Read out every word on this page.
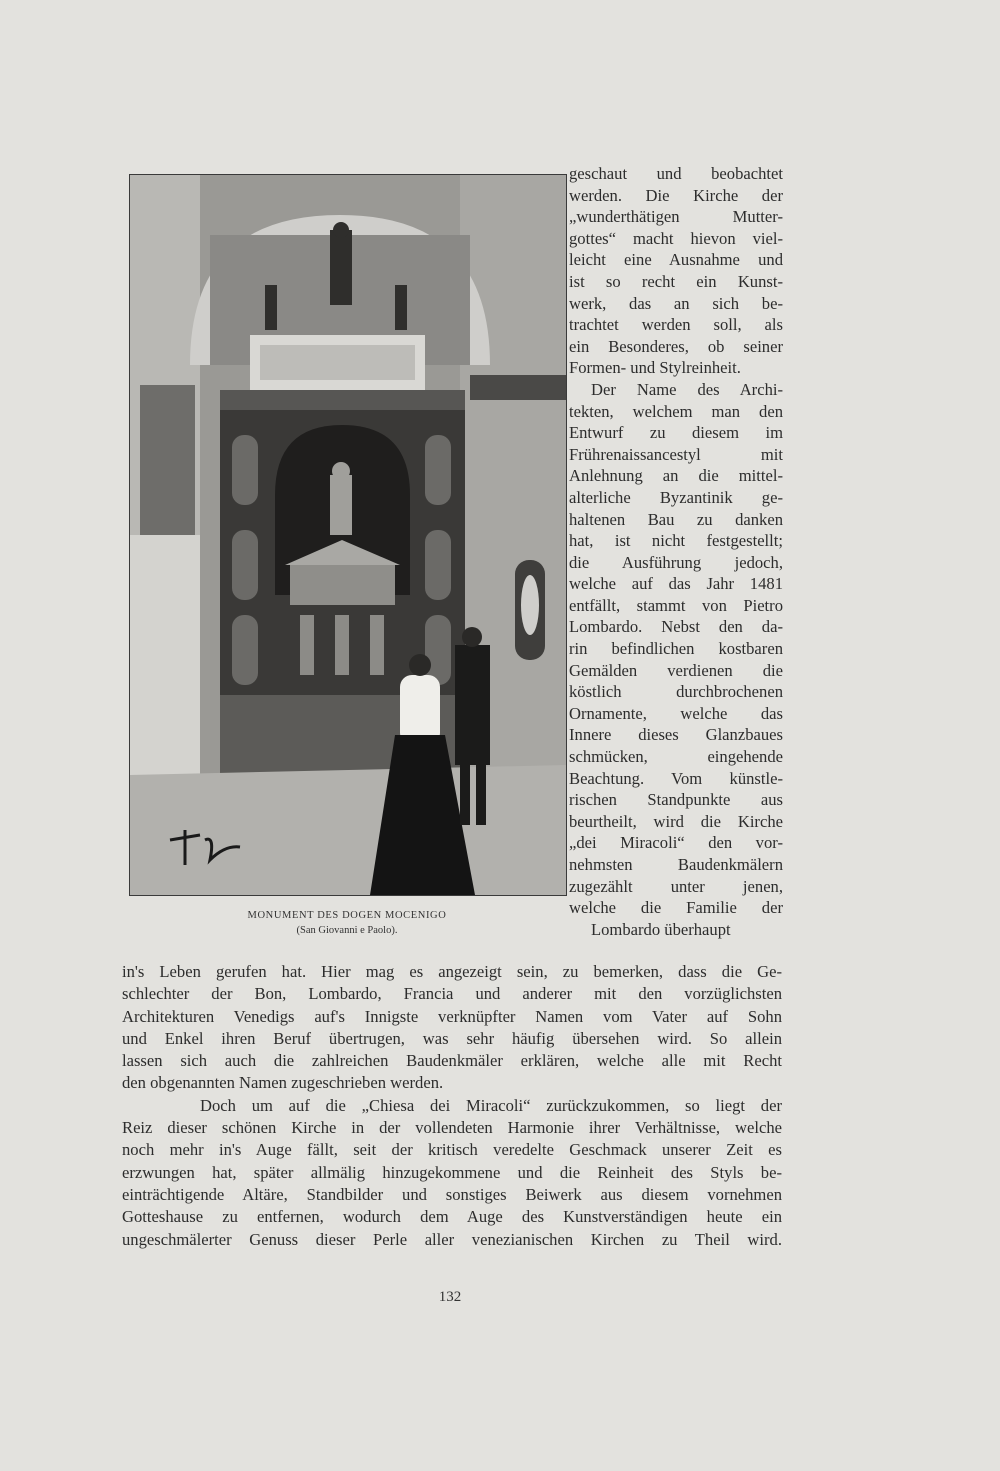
MONUMENT DES DOGEN MOCENIGO
(San Giovanni e Paolo).
geschaut und beobachtet
werden. Die Kirche der
„wunderthätigen Mutter-
gottes“ macht hievon viel-
leicht eine Ausnahme und
ist so recht ein Kunst-
werk, das an sich be-
trachtet werden soll, als
ein Besonderes, ob seiner
Formen- und Stylreinheit.
Der Name des Archi-
tekten, welchem man den
Entwurf zu diesem im
Frührenaissancestyl mit
Anlehnung an die mittel-
alterliche Byzantinik ge-
haltenen Bau zu danken
hat, ist nicht festgestellt;
die Ausführung jedoch,
welche auf das Jahr 1481
entfällt, stammt von Pietro
Lombardo. Nebst den da-
rin befindlichen kostbaren
Gemälden verdienen die
köstlich durchbrochenen
Ornamente, welche das
Innere dieses Glanzbaues
schmücken, eingehende
Beachtung. Vom künstle-
rischen Standpunkte aus
beurtheilt, wird die Kirche
„dei Miracoli“ den vor-
nehmsten Baudenkmälern
zugezählt unter jenen,
welche die Familie der
Lombardo überhaupt
in's Leben gerufen hat. Hier mag es angezeigt sein, zu bemerken, dass die Ge-
schlechter der Bon, Lombardo, Francia und anderer mit den vorzüglichsten
Architekturen Venedigs auf's Innigste verknüpfter Namen vom Vater auf Sohn
und Enkel ihren Beruf übertrugen, was sehr häufig übersehen wird. So allein
lassen sich auch die zahlreichen Baudenkmäler erklären, welche alle mit Recht
den obgenannten Namen zugeschrieben werden.
Doch um auf die „Chiesa dei Miracoli“ zurückzukommen, so liegt der
Reiz dieser schönen Kirche in der vollendeten Harmonie ihrer Verhältnisse, welche
noch mehr in's Auge fällt, seit der kritisch veredelte Geschmack unserer Zeit es
erzwungen hat, später allmälig hinzugekommene und die Reinheit des Styls be-
einträchtigende Altäre, Standbilder und sonstiges Beiwerk aus diesem vornehmen
Gotteshause zu entfernen, wodurch dem Auge des Kunstverständigen heute ein
ungeschmälerter Genuss dieser Perle aller venezianischen Kirchen zu Theil wird.
132
